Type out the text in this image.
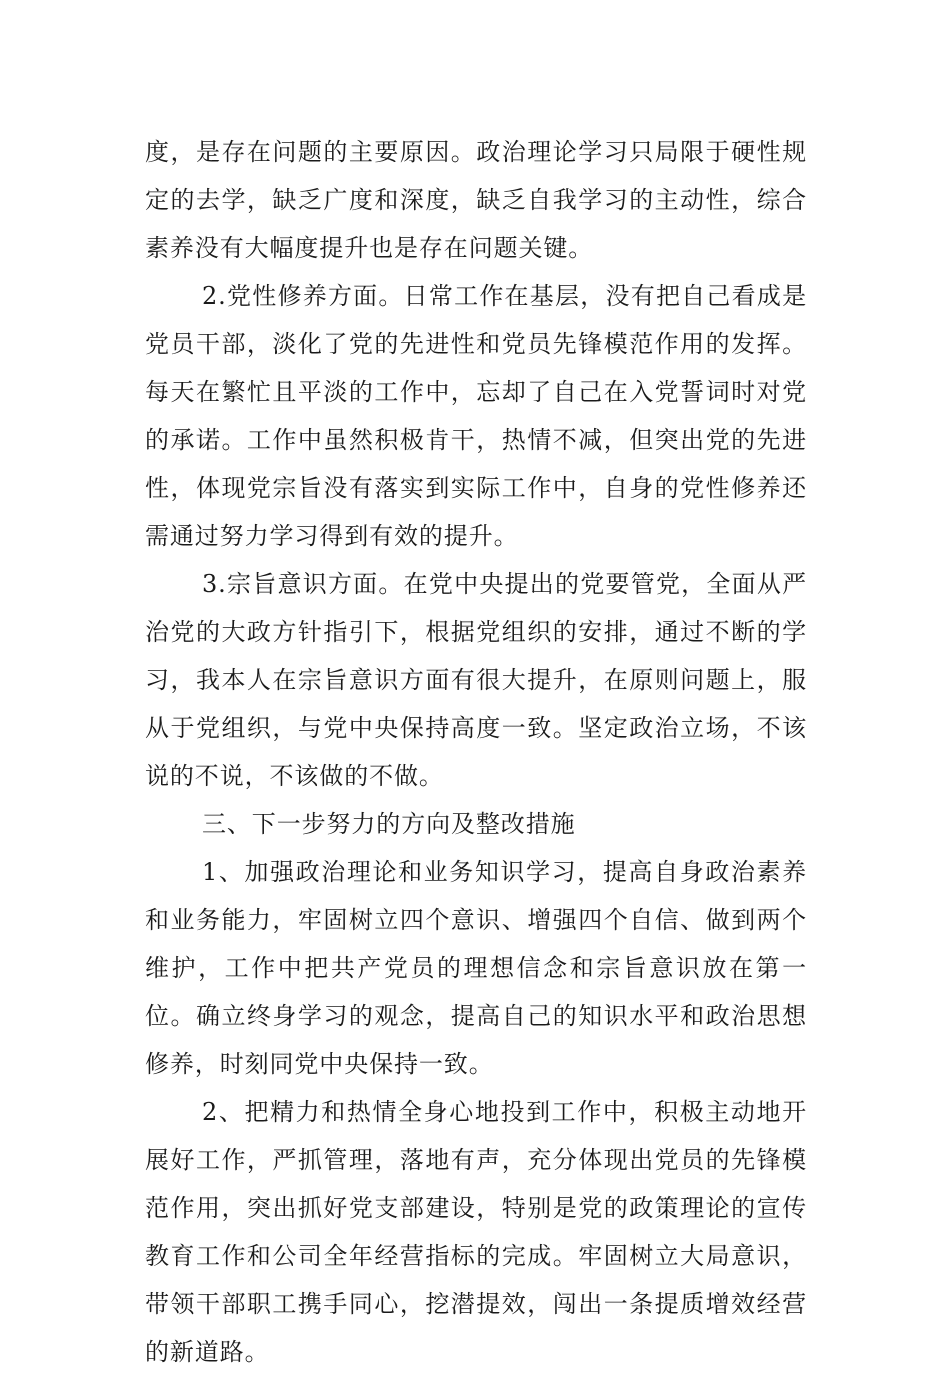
度，是存在问题的主要原因。政治理论学习只局限于硬性规定的去学，缺乏广度和深度，缺乏自我学习的主动性，综合素养没有大幅度提升也是存在问题关键。

2.党性修养方面。日常工作在基层，没有把自己看成是党员干部，淡化了党的先进性和党员先锋模范作用的发挥。每天在繁忙且平淡的工作中，忘却了自己在入党誓词时对党的承诺。工作中虽然积极肯干，热情不减，但突出党的先进性，体现党宗旨没有落实到实际工作中，自身的党性修养还需通过努力学习得到有效的提升。

3.宗旨意识方面。在党中央提出的党要管党，全面从严治党的大政方针指引下，根据党组织的安排，通过不断的学习，我本人在宗旨意识方面有很大提升，在原则问题上，服从于党组织，与党中央保持高度一致。坚定政治立场，不该说的不说，不该做的不做。

三、下一步努力的方向及整改措施

1、加强政治理论和业务知识学习，提高自身政治素养和业务能力，牢固树立四个意识、增强四个自信、做到两个维护，工作中把共产党员的理想信念和宗旨意识放在第一位。确立终身学习的观念，提高自己的知识水平和政治思想修养，时刻同党中央保持一致。

2、把精力和热情全身心地投到工作中，积极主动地开展好工作，严抓管理，落地有声，充分体现出党员的先锋模范作用，突出抓好党支部建设，特别是党的政策理论的宣传教育工作和公司全年经营指标的完成。牢固树立大局意识，带领干部职工携手同心，挖潜提效，闯出一条提质增效经营的新道路。
